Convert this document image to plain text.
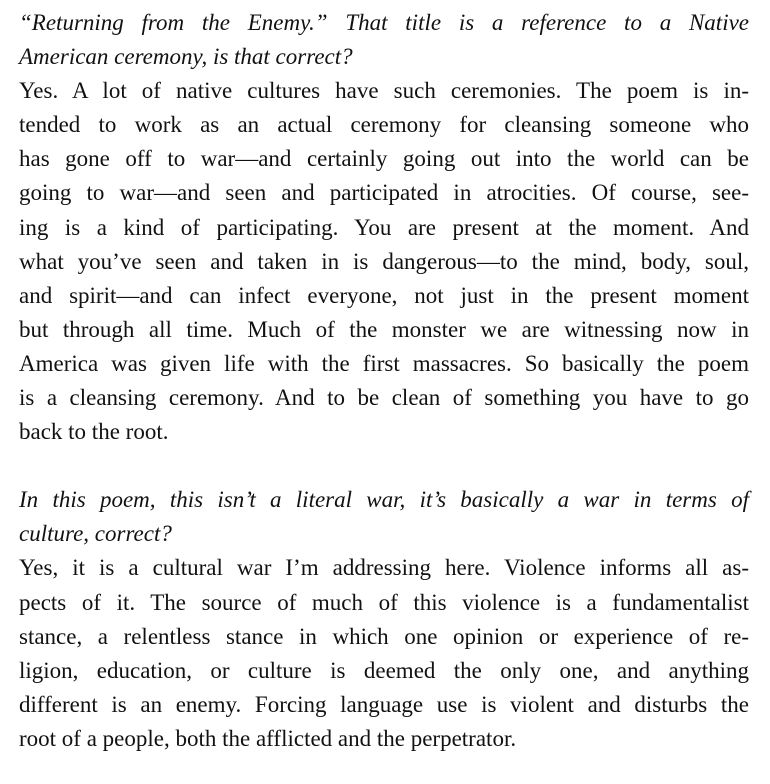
“Returning from the Enemy.” That title is a reference to a Native
American ceremony, is that correct?
Yes. A lot of native cultures have such ceremonies. The poem is in-
tended to work as an actual ceremony for cleansing someone who
has gone off to war—and certainly going out into the world can be
going to war—and seen and participated in atrocities. Of course, see-
ing is a kind of participating. You are present at the moment. And
what you’ve seen and taken in is dangerous—to the mind, body, soul,
and spirit—and can infect everyone, not just in the present moment
but through all time. Much of the monster we are witnessing now in
America was given life with the first massacres. So basically the poem
is a cleansing ceremony. And to be clean of something you have to go
back to the root.
In this poem, this isn’t a literal war, it’s basically a war in terms of
culture, correct?
Yes, it is a cultural war I’m addressing here. Violence informs all as-
pects of it. The source of much of this violence is a fundamentalist
stance, a relentless stance in which one opinion or experience of re-
ligion, education, or culture is deemed the only one, and anything
different is an enemy. Forcing language use is violent and disturbs the
root of a people, both the afflicted and the perpetrator.
